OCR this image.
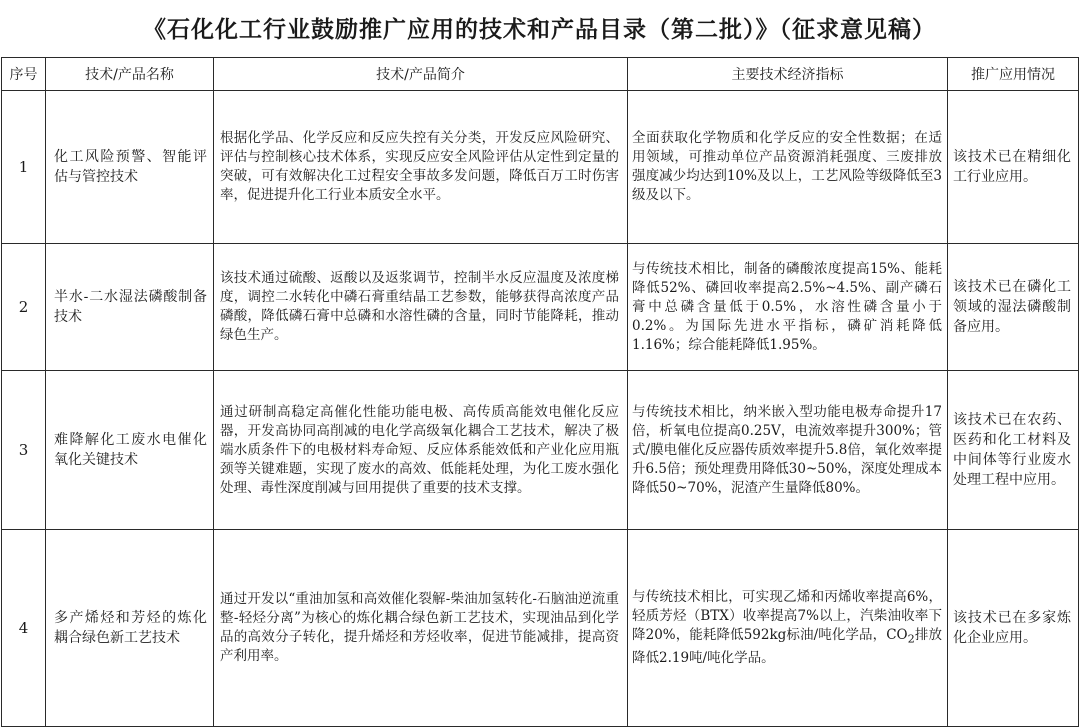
《石化化工行业鼓励推广应用的技术和产品目录（第二批）》（征求意见稿）
序号	技术/产品名称	技术/产品简介	主要技术经济指标	推广应用情况
1	化工风险预警、智能评估与管控技术	根据化学品、化学反应和反应失控有关分类，开发反应风险研究、评估与控制核心技术体系，实现反应安全风险评估从定性到定量的突破，可有效解决化工过程安全事故多发问题，降低百万工时伤害率，促进提升化工行业本质安全水平。	全面获取化学物质和化学反应的安全性数据；在适用领域，可推动单位产品资源消耗强度、三废排放强度减少均达到10%及以上，工艺风险等级降低至3级及以下。	该技术已在精细化工行业应用。

2	半水-二水湿法磷酸制备技术	该技术通过硫酸、返酸以及返浆调节，控制半水反应温度及浓度梯度，调控二水转化中磷石膏重结晶工艺参数，能够获得高浓度产品磷酸，降低磷石膏中总磷和水溶性磷的含量，同时节能降耗，推动绿色生产。	与传统技术相比，制备的磷酸浓度提高15%、能耗降低52%、磷回收率提高2.5%~4.5%、副产磷石膏中总磷含量低于0.5%，水溶性磷含量小于0.2%。为国际先进水平指标，磷矿消耗降低1.16%；综合能耗降低1.95%。	该技术已在磷化工领域的湿法磷酸制备应用。

3	难降解化工废水电催化氧化关键技术	通过研制高稳定高催化性能功能电极、高传质高能效电催化反应器，开发高协同高削减的电化学高级氧化耦合工艺技术，解决了极端水质条件下的电极材料寿命短、反应体系能效低和产业化应用瓶颈等关键难题，实现了废水的高效、低能耗处理，为化工废水强化处理、毒性深度削减与回用提供了重要的技术支撑。	与传统技术相比，纳米嵌入型功能电极寿命提升17倍，析氧电位提高0.25V，电流效率提升300%；管式/膜电催化反应器传质效率提升5.8倍，氧化效率提升6.5倍；预处理费用降低30~50%，深度处理成本降低50~70%，泥渣产生量降低80%。	该技术已在农药、医药和化工材料及中间体等行业废水处理工程中应用。

4	多产烯烃和芳烃的炼化耦合绿色新工艺技术	通过开发以“重油加氢和高效催化裂解-柴油加氢转化-石脑油逆流重整-轻烃分离”为核心的炼化耦合绿色新工艺技术，实现油品到化学品的高效分子转化，提升烯烃和芳烃收率，促进节能减排，提高资产利用率。	与传统技术相比，可实现乙烯和丙烯收率提高6%，轻质芳烃（BTX）收率提高7%以上，汽柴油收率下降20%，能耗降低592kg标油/吨化学品，$CO_2$排放降低2.19吨/吨化学品。	该技术已在多家炼化企业应用。
